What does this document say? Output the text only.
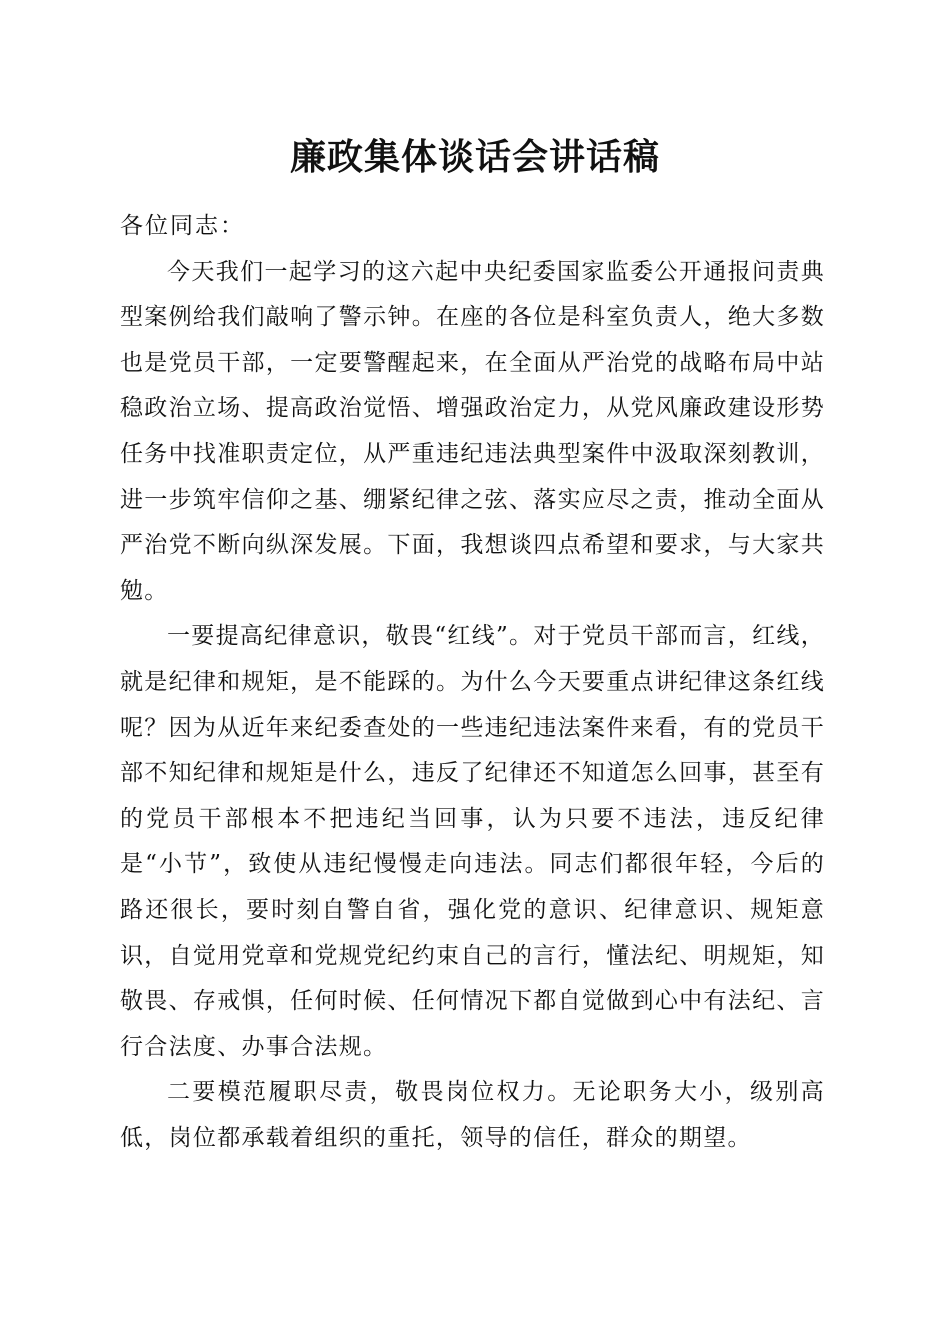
廉政集体谈话会讲话稿

各位同志：

今天我们一起学习的这六起中央纪委国家监委公开通报问责典型案例给我们敲响了警示钟。在座的各位是科室负责人，绝大多数也是党员干部，一定要警醒起来，在全面从严治党的战略布局中站稳政治立场、提高政治觉悟、增强政治定力，从党风廉政建设形势任务中找准职责定位，从严重违纪违法典型案件中汲取深刻教训，进一步筑牢信仰之基、绷紧纪律之弦、落实应尽之责，推动全面从严治党不断向纵深发展。下面，我想谈四点希望和要求，与大家共勉。

一要提高纪律意识，敬畏“红线”。对于党员干部而言，红线，就是纪律和规矩，是不能踩的。为什么今天要重点讲纪律这条红线呢？因为从近年来纪委查处的一些违纪违法案件来看，有的党员干部不知纪律和规矩是什么，违反了纪律还不知道怎么回事，甚至有的党员干部根本不把违纪当回事，认为只要不违法，违反纪律是“小节”，致使从违纪慢慢走向违法。同志们都很年轻，今后的路还很长，要时刻自警自省，强化党的意识、纪律意识、规矩意识，自觉用党章和党规党纪约束自己的言行，懂法纪、明规矩，知敬畏、存戒惧，任何时候、任何情况下都自觉做到心中有法纪、言行合法度、办事合法规。

二要模范履职尽责，敬畏岗位权力。无论职务大小，级别高低，岗位都承载着组织的重托，领导的信任，群众的期望。
